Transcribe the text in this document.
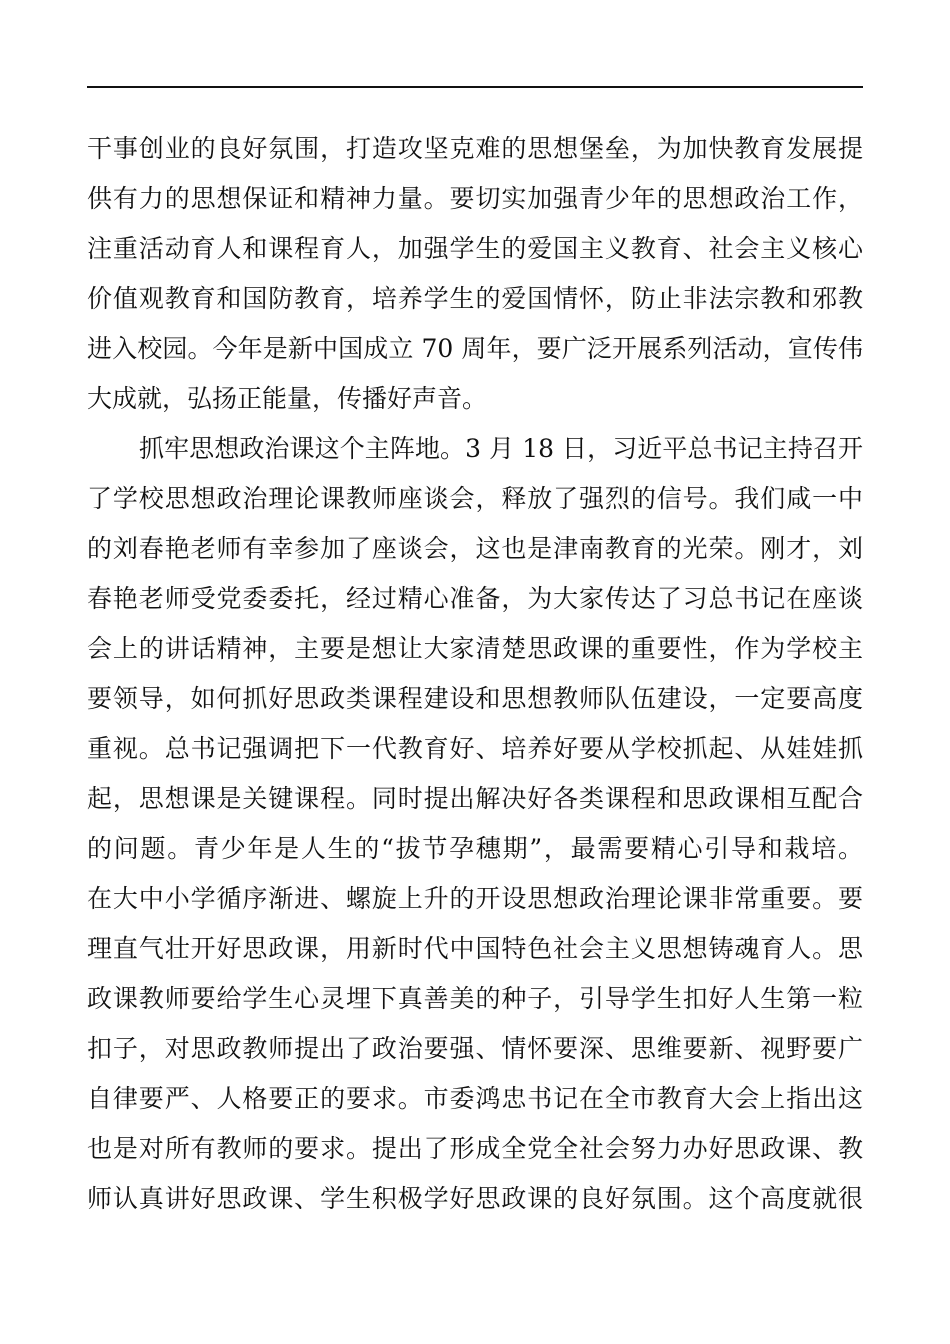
干事创业的良好氛围，打造攻坚克难的思想堡垒，为加快教育发展提
供有力的思想保证和精神力量。要切实加强青少年的思想政治工作，
注重活动育人和课程育人，加强学生的爱国主义教育、社会主义核心
价值观教育和国防教育，培养学生的爱国情怀，防止非法宗教和邪教
进入校园。今年是新中国成立 70 周年，要广泛开展系列活动，宣传伟
大成就，弘扬正能量，传播好声音。
抓牢思想政治课这个主阵地。3 月 18 日，习近平总书记主持召开
了学校思想政治理论课教师座谈会，释放了强烈的信号。我们咸一中
的刘春艳老师有幸参加了座谈会，这也是津南教育的光荣。刚才，刘
春艳老师受党委委托，经过精心准备，为大家传达了习总书记在座谈
会上的讲话精神，主要是想让大家清楚思政课的重要性，作为学校主
要领导，如何抓好思政类课程建设和思想教师队伍建设，一定要高度
重视。总书记强调把下一代教育好、培养好要从学校抓起、从娃娃抓
起，思想课是关键课程。同时提出解决好各类课程和思政课相互配合
的问题。青少年是人生的“拔节孕穗期”，最需要精心引导和栽培。
在大中小学循序渐进、螺旋上升的开设思想政治理论课非常重要。要
理直气壮开好思政课，用新时代中国特色社会主义思想铸魂育人。思
政课教师要给学生心灵埋下真善美的种子，引导学生扣好人生第一粒
扣子，对思政教师提出了政治要强、情怀要深、思维要新、视野要广
自律要严、人格要正的要求。市委鸿忠书记在全市教育大会上指出这
也是对所有教师的要求。提出了形成全党全社会努力办好思政课、教
师认真讲好思政课、学生积极学好思政课的良好氛围。这个高度就很
